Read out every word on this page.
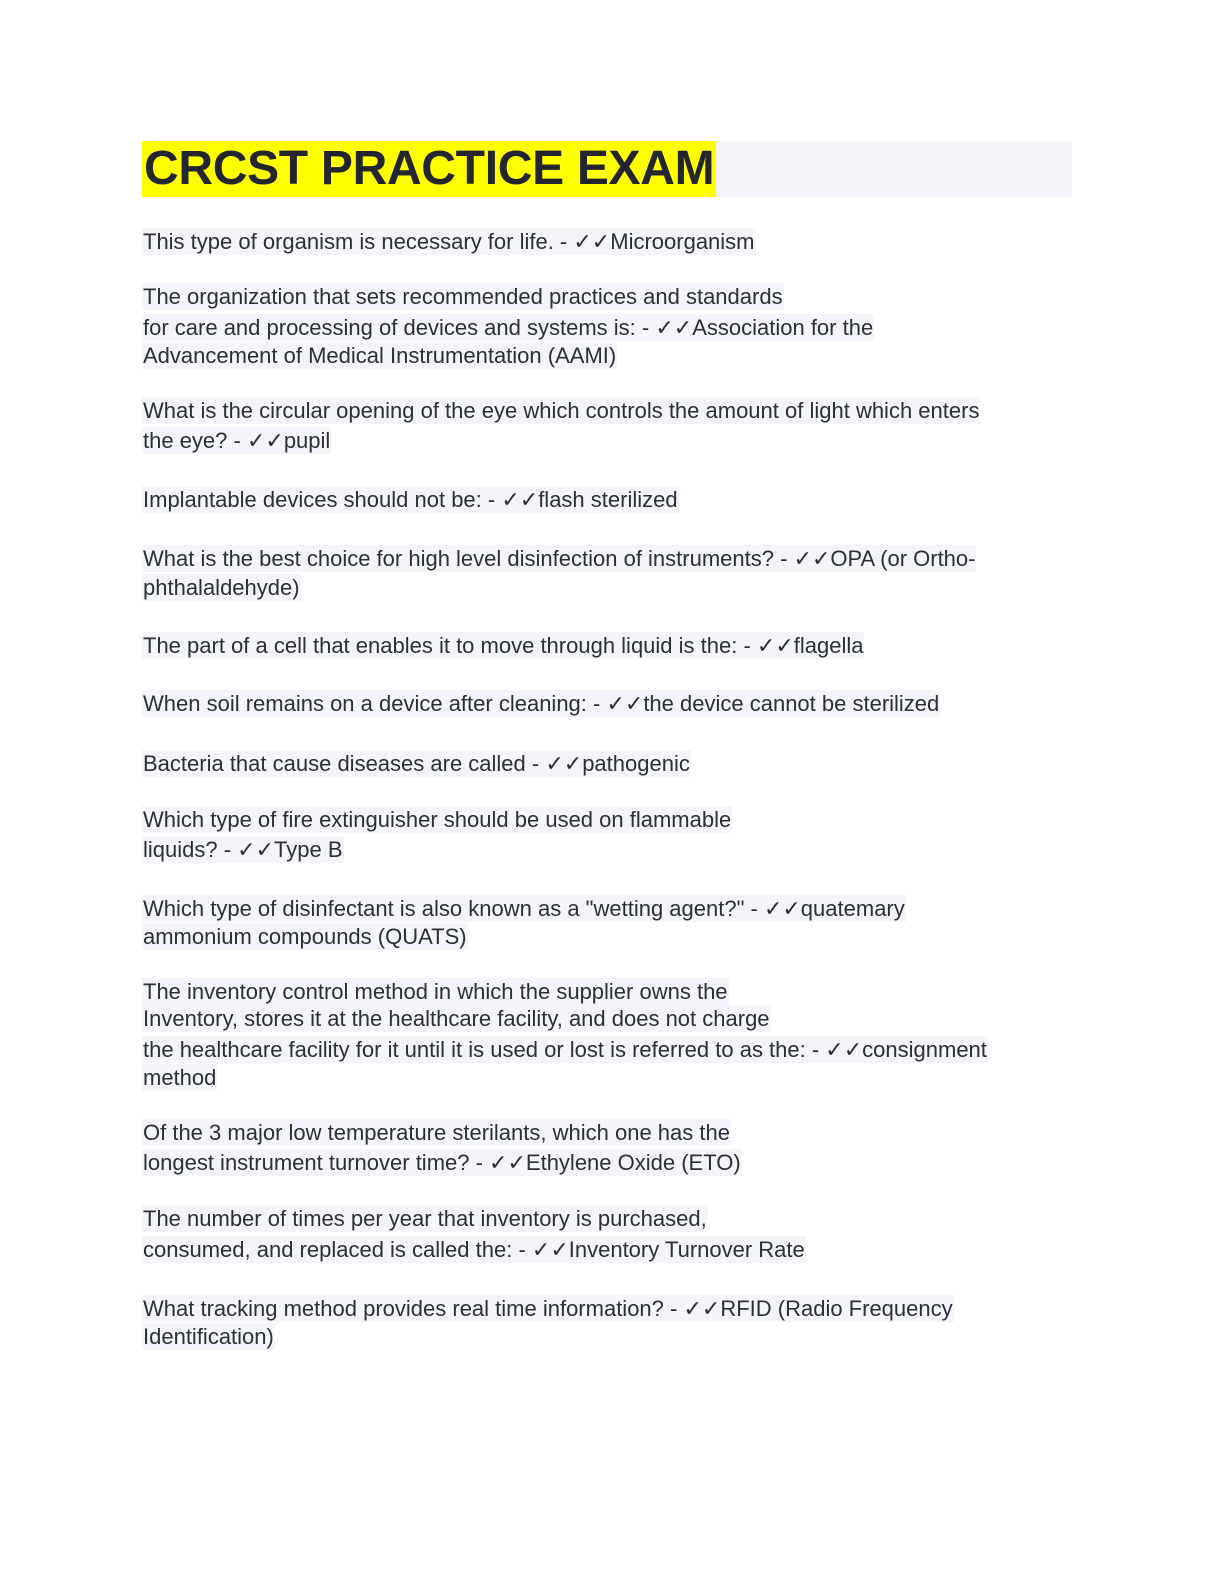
CRCST PRACTICE EXAM
This type of organism is necessary for life. - ✓✓Microorganism
The organization that sets recommended practices and standards
for care and processing of devices and systems is: - ✓✓Association for the
Advancement of Medical Instrumentation (AAMI)
What is the circular opening of the eye which controls the amount of light which enters
the eye? - ✓✓pupil
Implantable devices should not be: - ✓✓flash sterilized
What is the best choice for high level disinfection of instruments? - ✓✓OPA (or Ortho-
phthalaldehyde)
The part of a cell that enables it to move through liquid is the: - ✓✓flagella
When soil remains on a device after cleaning: - ✓✓the device cannot be sterilized
Bacteria that cause diseases are called - ✓✓pathogenic
Which type of fire extinguisher should be used on flammable
liquids? - ✓✓Type B
Which type of disinfectant is also known as a "wetting agent?" - ✓✓quatemary
ammonium compounds (QUATS)
The inventory control method in which the supplier owns the
Inventory, stores it at the healthcare facility, and does not charge
the healthcare facility for it until it is used or lost is referred to as the: - ✓✓consignment
method
Of the 3 major low temperature sterilants, which one has the
longest instrument turnover time? - ✓✓Ethylene Oxide (ETO)
The number of times per year that inventory is purchased,
consumed, and replaced is called the: - ✓✓Inventory Turnover Rate
What tracking method provides real time information? - ✓✓RFID (Radio Frequency
Identification)
